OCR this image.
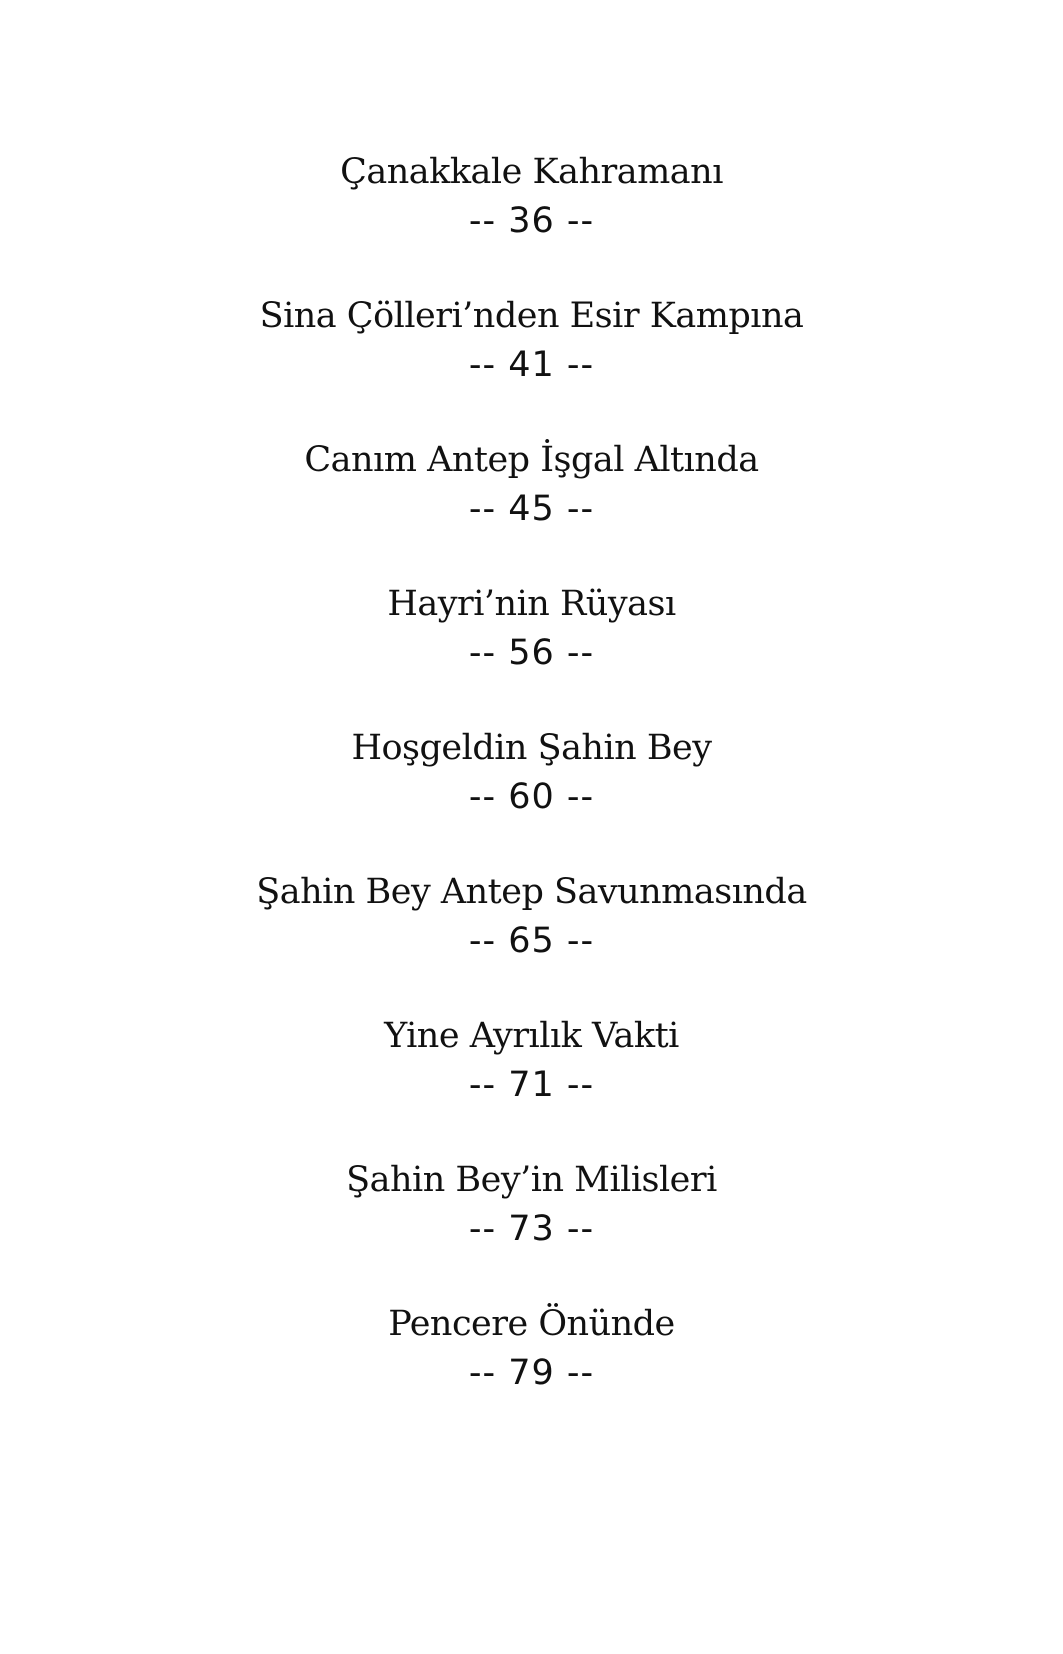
Çanakkale Kahramanı
-- 36 --
Sina Çölleri’nden Esir Kampına
-- 41 --
Canım Antep İşgal Altında
-- 45 --
Hayri’nin Rüyası
-- 56 --
Hoşgeldin Şahin Bey
-- 60 --
Şahin Bey Antep Savunmasında
-- 65 --
Yine Ayrılık Vakti
-- 71 --
Şahin Bey’in Milisleri
-- 73 --
Pencere Önünde
-- 79 --
